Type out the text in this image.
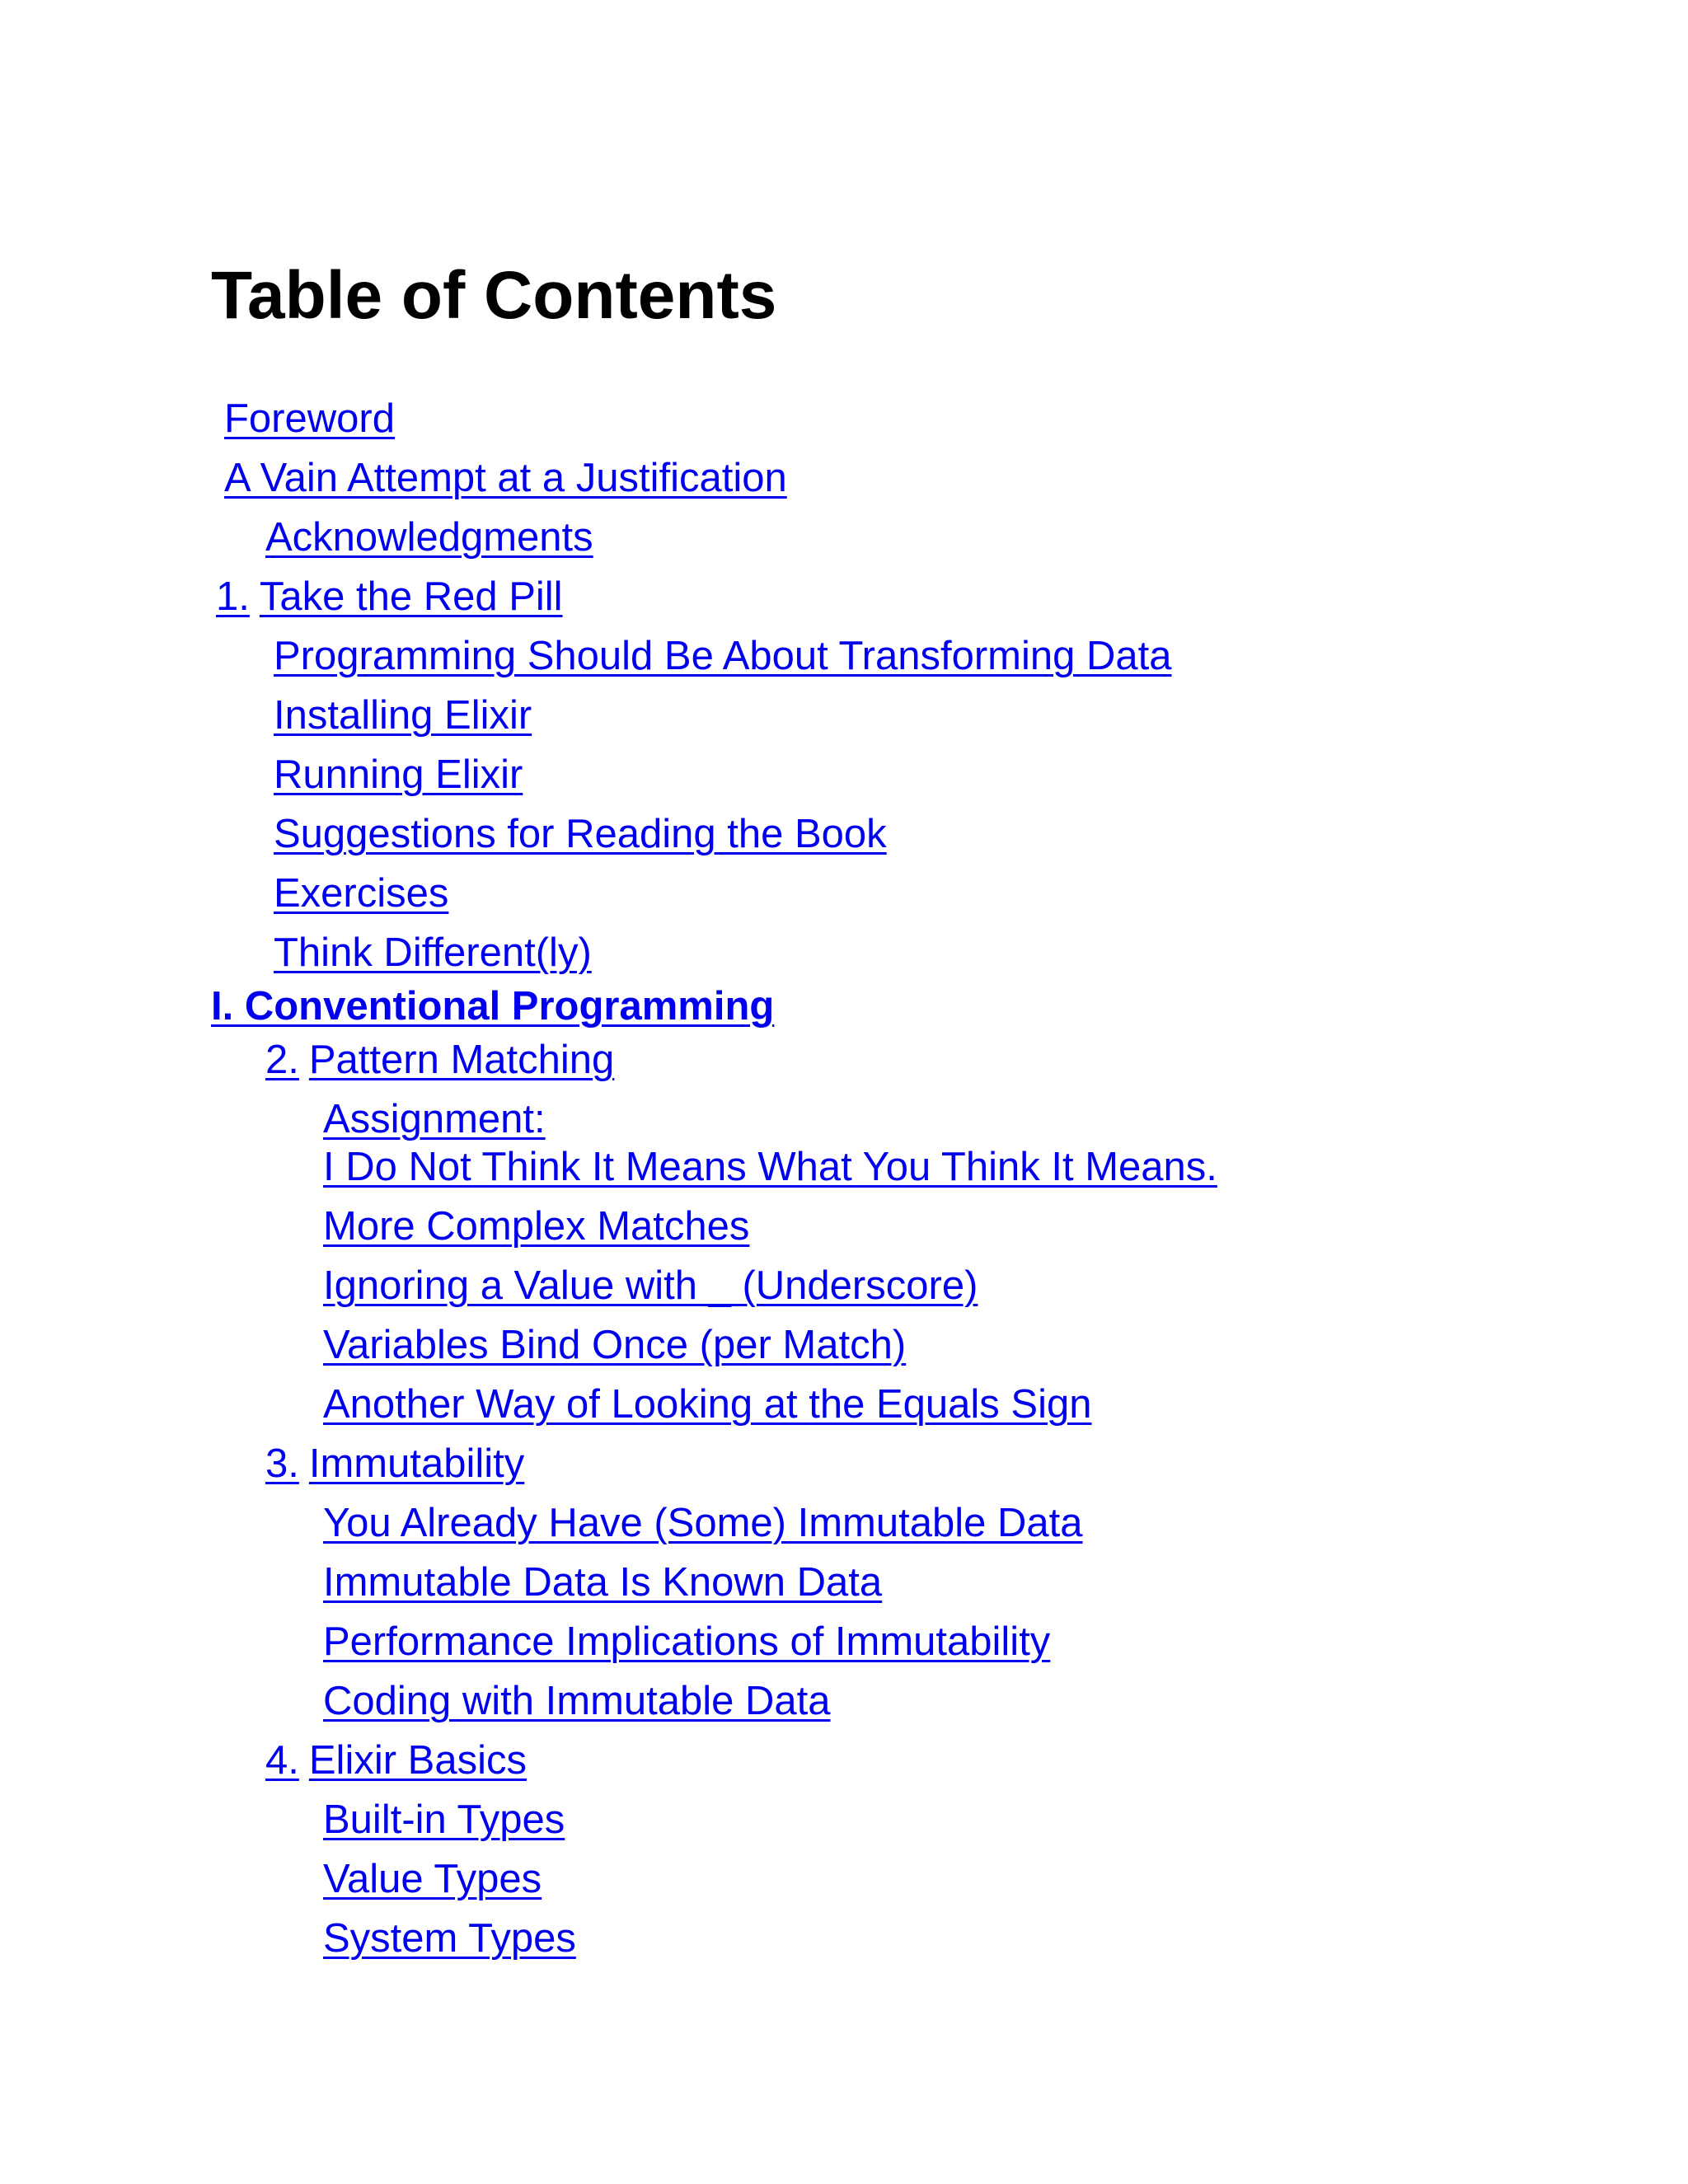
Table of Contents
Foreword
A Vain Attempt at a Justification
Acknowledgments
1. Take the Red Pill
Programming Should Be About Transforming Data
Installing Elixir
Running Elixir
Suggestions for Reading the Book
Exercises
Think Different(ly)
I. Conventional Programming
2. Pattern Matching
Assignment:
I Do Not Think It Means What You Think It Means.
More Complex Matches
Ignoring a Value with _ (Underscore)
Variables Bind Once (per Match)
Another Way of Looking at the Equals Sign
3. Immutability
You Already Have (Some) Immutable Data
Immutable Data Is Known Data
Performance Implications of Immutability
Coding with Immutable Data
4. Elixir Basics
Built-in Types
Value Types
System Types
